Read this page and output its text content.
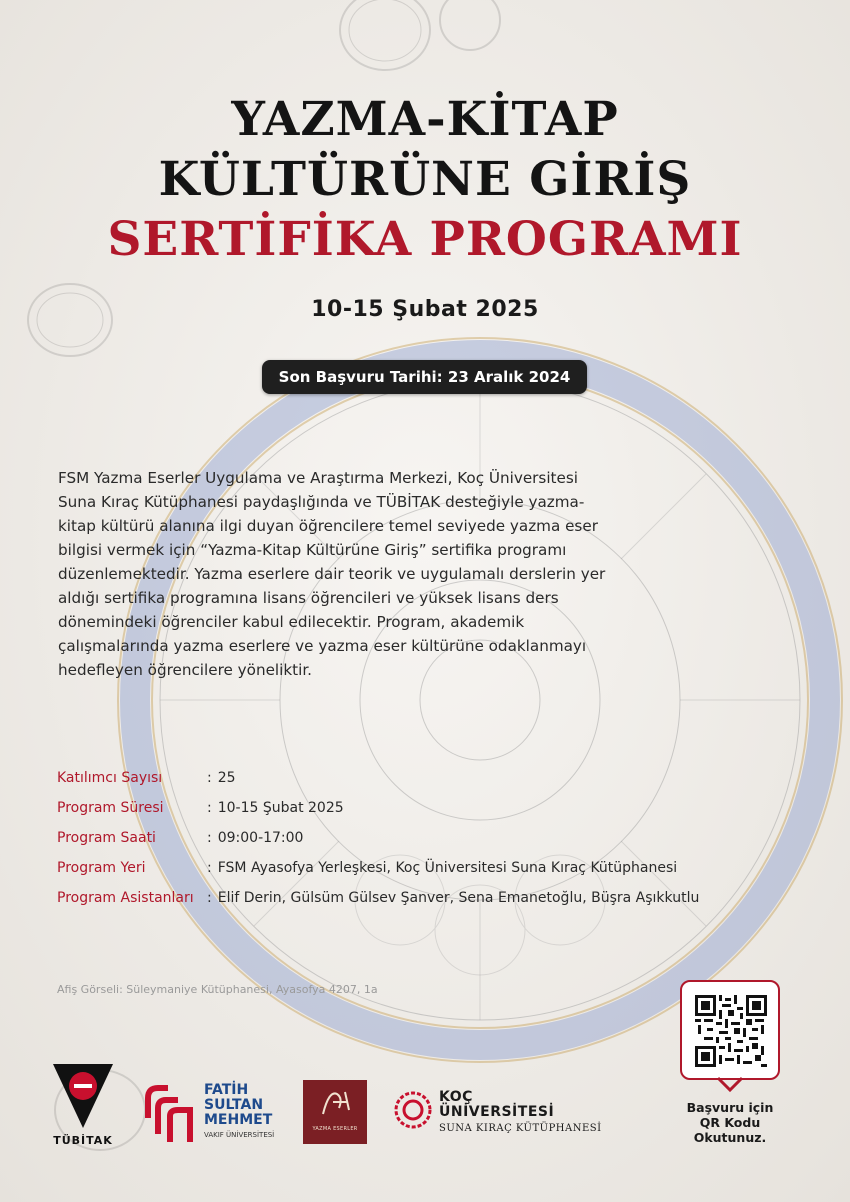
YAZMA-KİTAP
KÜLTÜRÜNE GİRİŞ
SERTİFİKA PROGRAMI
10-15 Şubat 2025
Son Başvuru Tarihi: 23 Aralık 2024
FSM Yazma Eserler Uygulama ve Araştırma Merkezi, Koç Üniversitesi Suna Kıraç Kütüphanesi paydaşlığında ve TÜBİTAK desteğiyle yazma-kitap kültürü alanına ilgi duyan öğrencilere temel seviyede yazma eser bilgisi vermek için “Yazma-Kitap Kültürüne Giriş” sertifika programı düzenlemektedir. Yazma eserlere dair teorik ve uygulamalı derslerin yer aldığı sertifika programına lisans öğrencileri ve yüksek lisans ders dönemindeki öğrenciler kabul edilecektir. Program, akademik çalışmalarında yazma eserlere ve yazma eser kültürüne odaklanmayı hedefleyen öğrencilere yöneliktir.
Katılımcı Sayısı	: 25
Program Süresi	: 10-15 Şubat 2025
Program Saati	: 09:00-17:00
Program Yeri	: FSM Ayasofya Yerleşkesi, Koç Üniversitesi Suna Kıraç Kütüphanesi
Program Asistanları : Elif Derin, Gülsüm Gülsev Şanver, Sena Emanetoğlu, Büşra Aşıkkutlu
Afiş Görseli: Süleymaniye Kütüphanesi, Ayasofya 4207, 1a
Başvuru için
QR Kodu
Okutunuz.
TÜBİTAK
FATİH
SULTAN
MEHMET
VAKIF ÜNİVERSİTESİ
YAZMA ESERLER
KOÇ
ÜNİVERSİTESİ
SUNA KIRAÇ KÜTÜPHANESİ
